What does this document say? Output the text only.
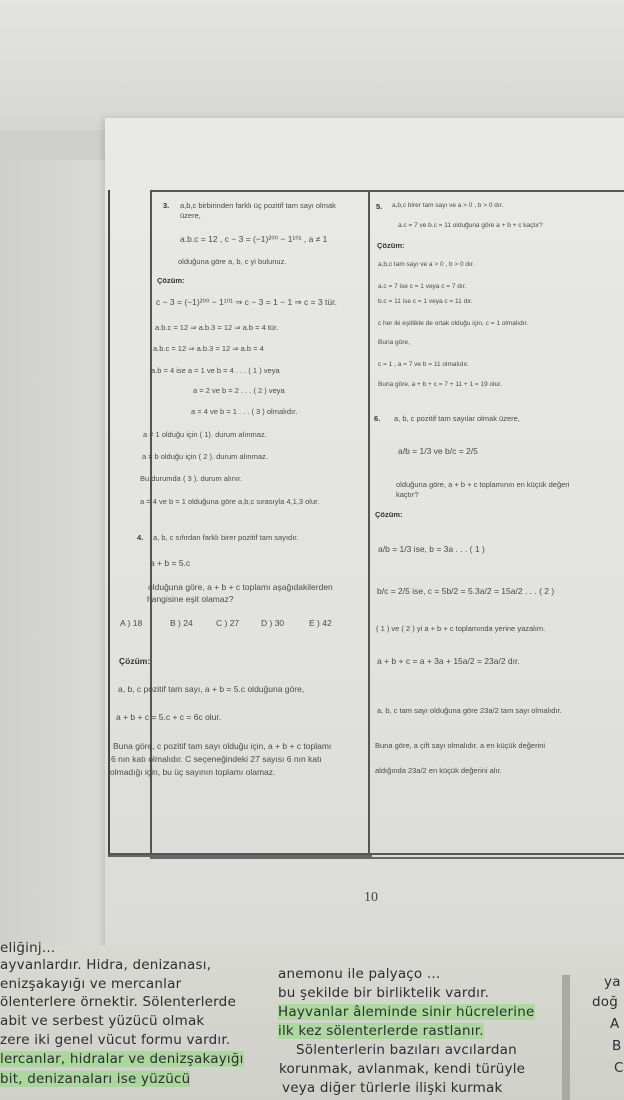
3. a,b,c birbirinden farklı üç pozitif tam sayı olmak
üzere,
a.b.c = 12 , c − 3 = (−1)²⁰⁰ − 1¹⁰¹ , a ≠ 1
olduğuna göre a, b, c yi bulunuz.
Çözüm:
c − 3 = (−1)²⁰⁰ − 1¹⁰¹ ⇒ c − 3 = 1 − 1 ⇒ c = 3 tür.
a.b.c = 12 ⇒ a.b.3 = 12 ⇒ a.b = 4 tür.
a.b.c = 12 ⇒ a.b.3 = 12 ⇒ a.b = 4
a.b = 4 ise a = 1 ve b = 4 . . . ( 1 ) veya
a = 2 ve b = 2 . . . ( 2 ) veya
a = 4 ve b = 1 . . . ( 3 ) olmalıdır.
a ≠ 1 olduğu için ( 1). durum alınmaz.
a ≠ b olduğu için ( 2 ). durum alınmaz.
Bu durumda ( 3 ). durum alınır.
a = 4 ve b = 1 olduğuna göre a,b,c sırasıyla 4,1,3 olur.
4. a, b, c sıfırdan farklı birer pozitif tam sayıdır.
a + b = 5.c
olduğuna göre, a + b + c toplamı aşağıdakilerden
hangisine eşit olamaz?
A ) 18	B ) 24	C ) 27	D ) 30	E ) 42
Çözüm:
a, b, c pozitif tam sayı, a + b = 5.c olduğuna göre,
a + b + c = 5.c + c = 6c olur.
Buna göre, c pozitif tam sayı olduğu için, a + b + c toplamı
6 nın katı olmalıdır. C seçeneğindeki 27 sayısı 6 nın katı
olmadığı için, bu üç sayının toplamı olamaz.
5. a,b,c birer tam sayı ve a > 0 , b > 0 dır.
a.c = 7 ve b.c = 11 olduğuna göre a + b + c kaçtır?
Çözüm:
a,b,c tam sayı ve a > 0 , b > 0 dır.
a.c = 7 ise c = 1 veya c = 7 dır.
b.c = 11 ise c = 1 veya c = 11 dır.
c her iki eşitlikte de ortak olduğu için, c = 1 olmalıdır.
Buna göre,
c = 1 , a = 7 ve b = 11 olmalıdır.
Buna göre, a + b + c = 7 + 11 + 1 = 19 olur.
6. a, b, c pozitif tam sayılar olmak üzere,
a/b = 1/3 ve b/c = 2/5
olduğuna göre, a + b + c toplamının en küçük değeri
kaçtır?
Çözüm:
a/b = 1/3 ise, b = 3a . . . ( 1 )
b/c = 2/5 ise, c = 5b/2 = 5.3a/2 = 15a/2 . . . ( 2 )
( 1 ) ve ( 2 ) yi a + b + c toplamında yerine yazalım.
a + b + c = a + 3a + 15a/2 = 23a/2 dır.
a, b, c tam sayı olduğuna göre 23a/2 tam sayı olmalıdır.
Buna göre, a çift sayı olmalıdır. a en küçük değerini
aldığında 23a/2 en küçük değerini alır.
10
eliğinj...
ayvanlardır. Hidra, denizanası,
enizşakayığı ve mercanlar
ölenterlere örnektir. Sölenterlerde
abit ve serbest yüzücü olmak
zere iki genel vücut formu vardır.
lercanlar, hidralar ve denizşakayığı
bit, denizanaları ise yüzücü
anemonu ile palyaço ...
bu şekilde bir birliktelik vardır.
Hayvanlar âleminde sinir hücrelerine
ilk kez sölenterlerde rastlanır.
Sölenterlerin bazıları avcılardan
korunmak, avlanmak, kendi türüyle
veya diğer türlerle ilişki kurmak
ya
doğ
A
B
C
